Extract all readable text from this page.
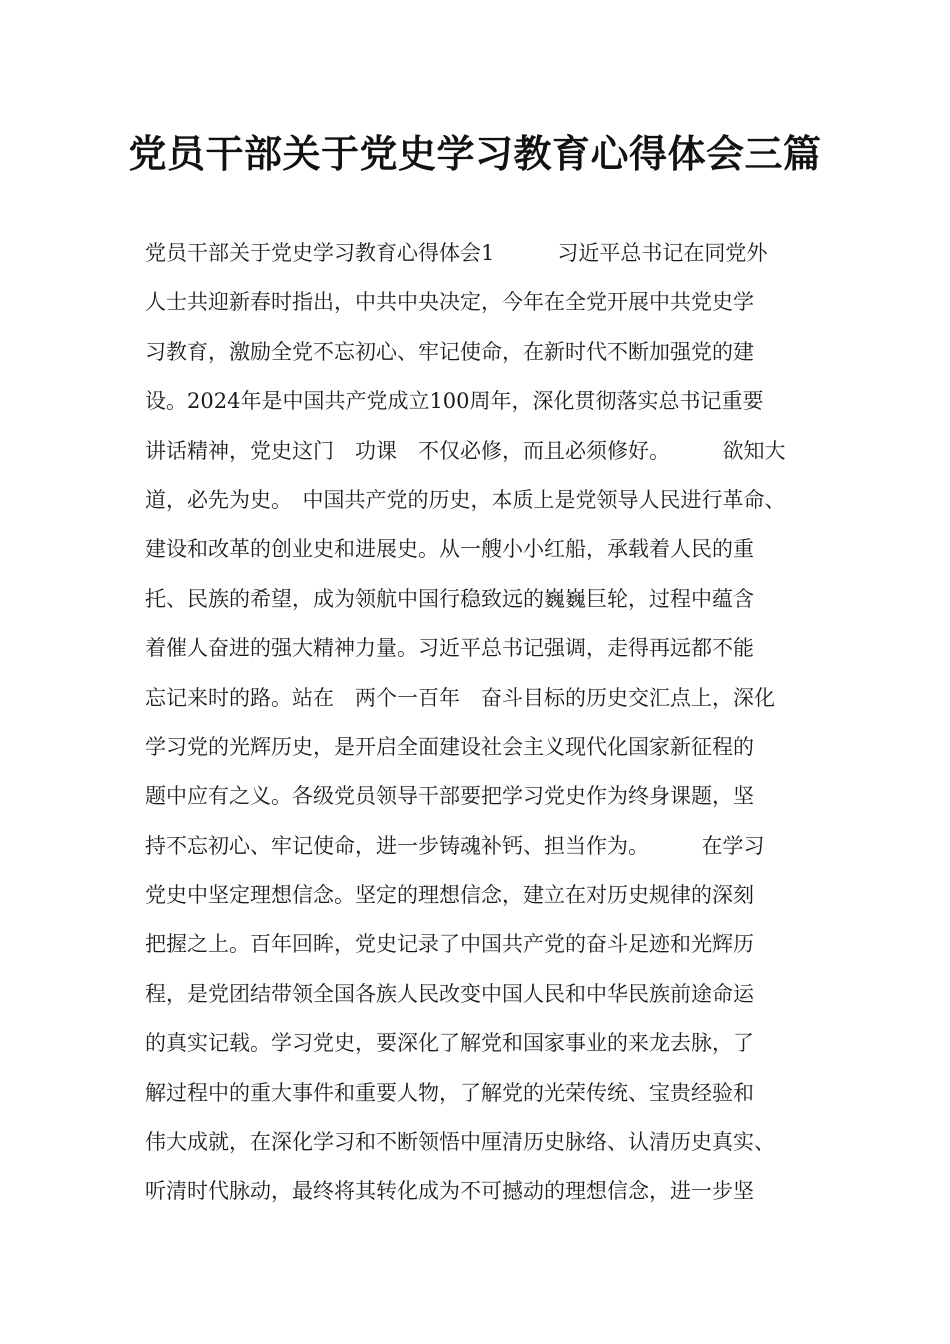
党员干部关于党史学习教育心得体会三篇
党员干部关于党史学习教育心得体会1　　　习近平总书记在同党外
人士共迎新春时指出，中共中央决定，今年在全党开展中共党史学
习教育，激励全党不忘初心、牢记使命，在新时代不断加强党的建
设。2024年是中国共产党成立100周年，深化贯彻落实总书记重要
讲话精神，党史这门　功课　不仅必修，而且必须修好。　　　欲知大
道，必先为史。　中国共产党的历史，本质上是党领导人民进行革命、
建设和改革的创业史和进展史。从一艘小小红船，承载着人民的重
托、民族的希望，成为领航中国行稳致远的巍巍巨轮，过程中蕴含
着催人奋进的强大精神力量。习近平总书记强调，走得再远都不能
忘记来时的路。站在　两个一百年　奋斗目标的历史交汇点上，深化
学习党的光辉历史，是开启全面建设社会主义现代化国家新征程的
题中应有之义。各级党员领导干部要把学习党史作为终身课题，坚
持不忘初心、牢记使命，进一步铸魂补钙、担当作为。　　　在学习
党史中坚定理想信念。坚定的理想信念，建立在对历史规律的深刻
把握之上。百年回眸，党史记录了中国共产党的奋斗足迹和光辉历
程，是党团结带领全国各族人民改变中国人民和中华民族前途命运
的真实记载。学习党史，要深化了解党和国家事业的来龙去脉，了
解过程中的重大事件和重要人物，了解党的光荣传统、宝贵经验和
伟大成就，在深化学习和不断领悟中厘清历史脉络、认清历史真实、
听清时代脉动，最终将其转化成为不可撼动的理想信念，进一步坚
